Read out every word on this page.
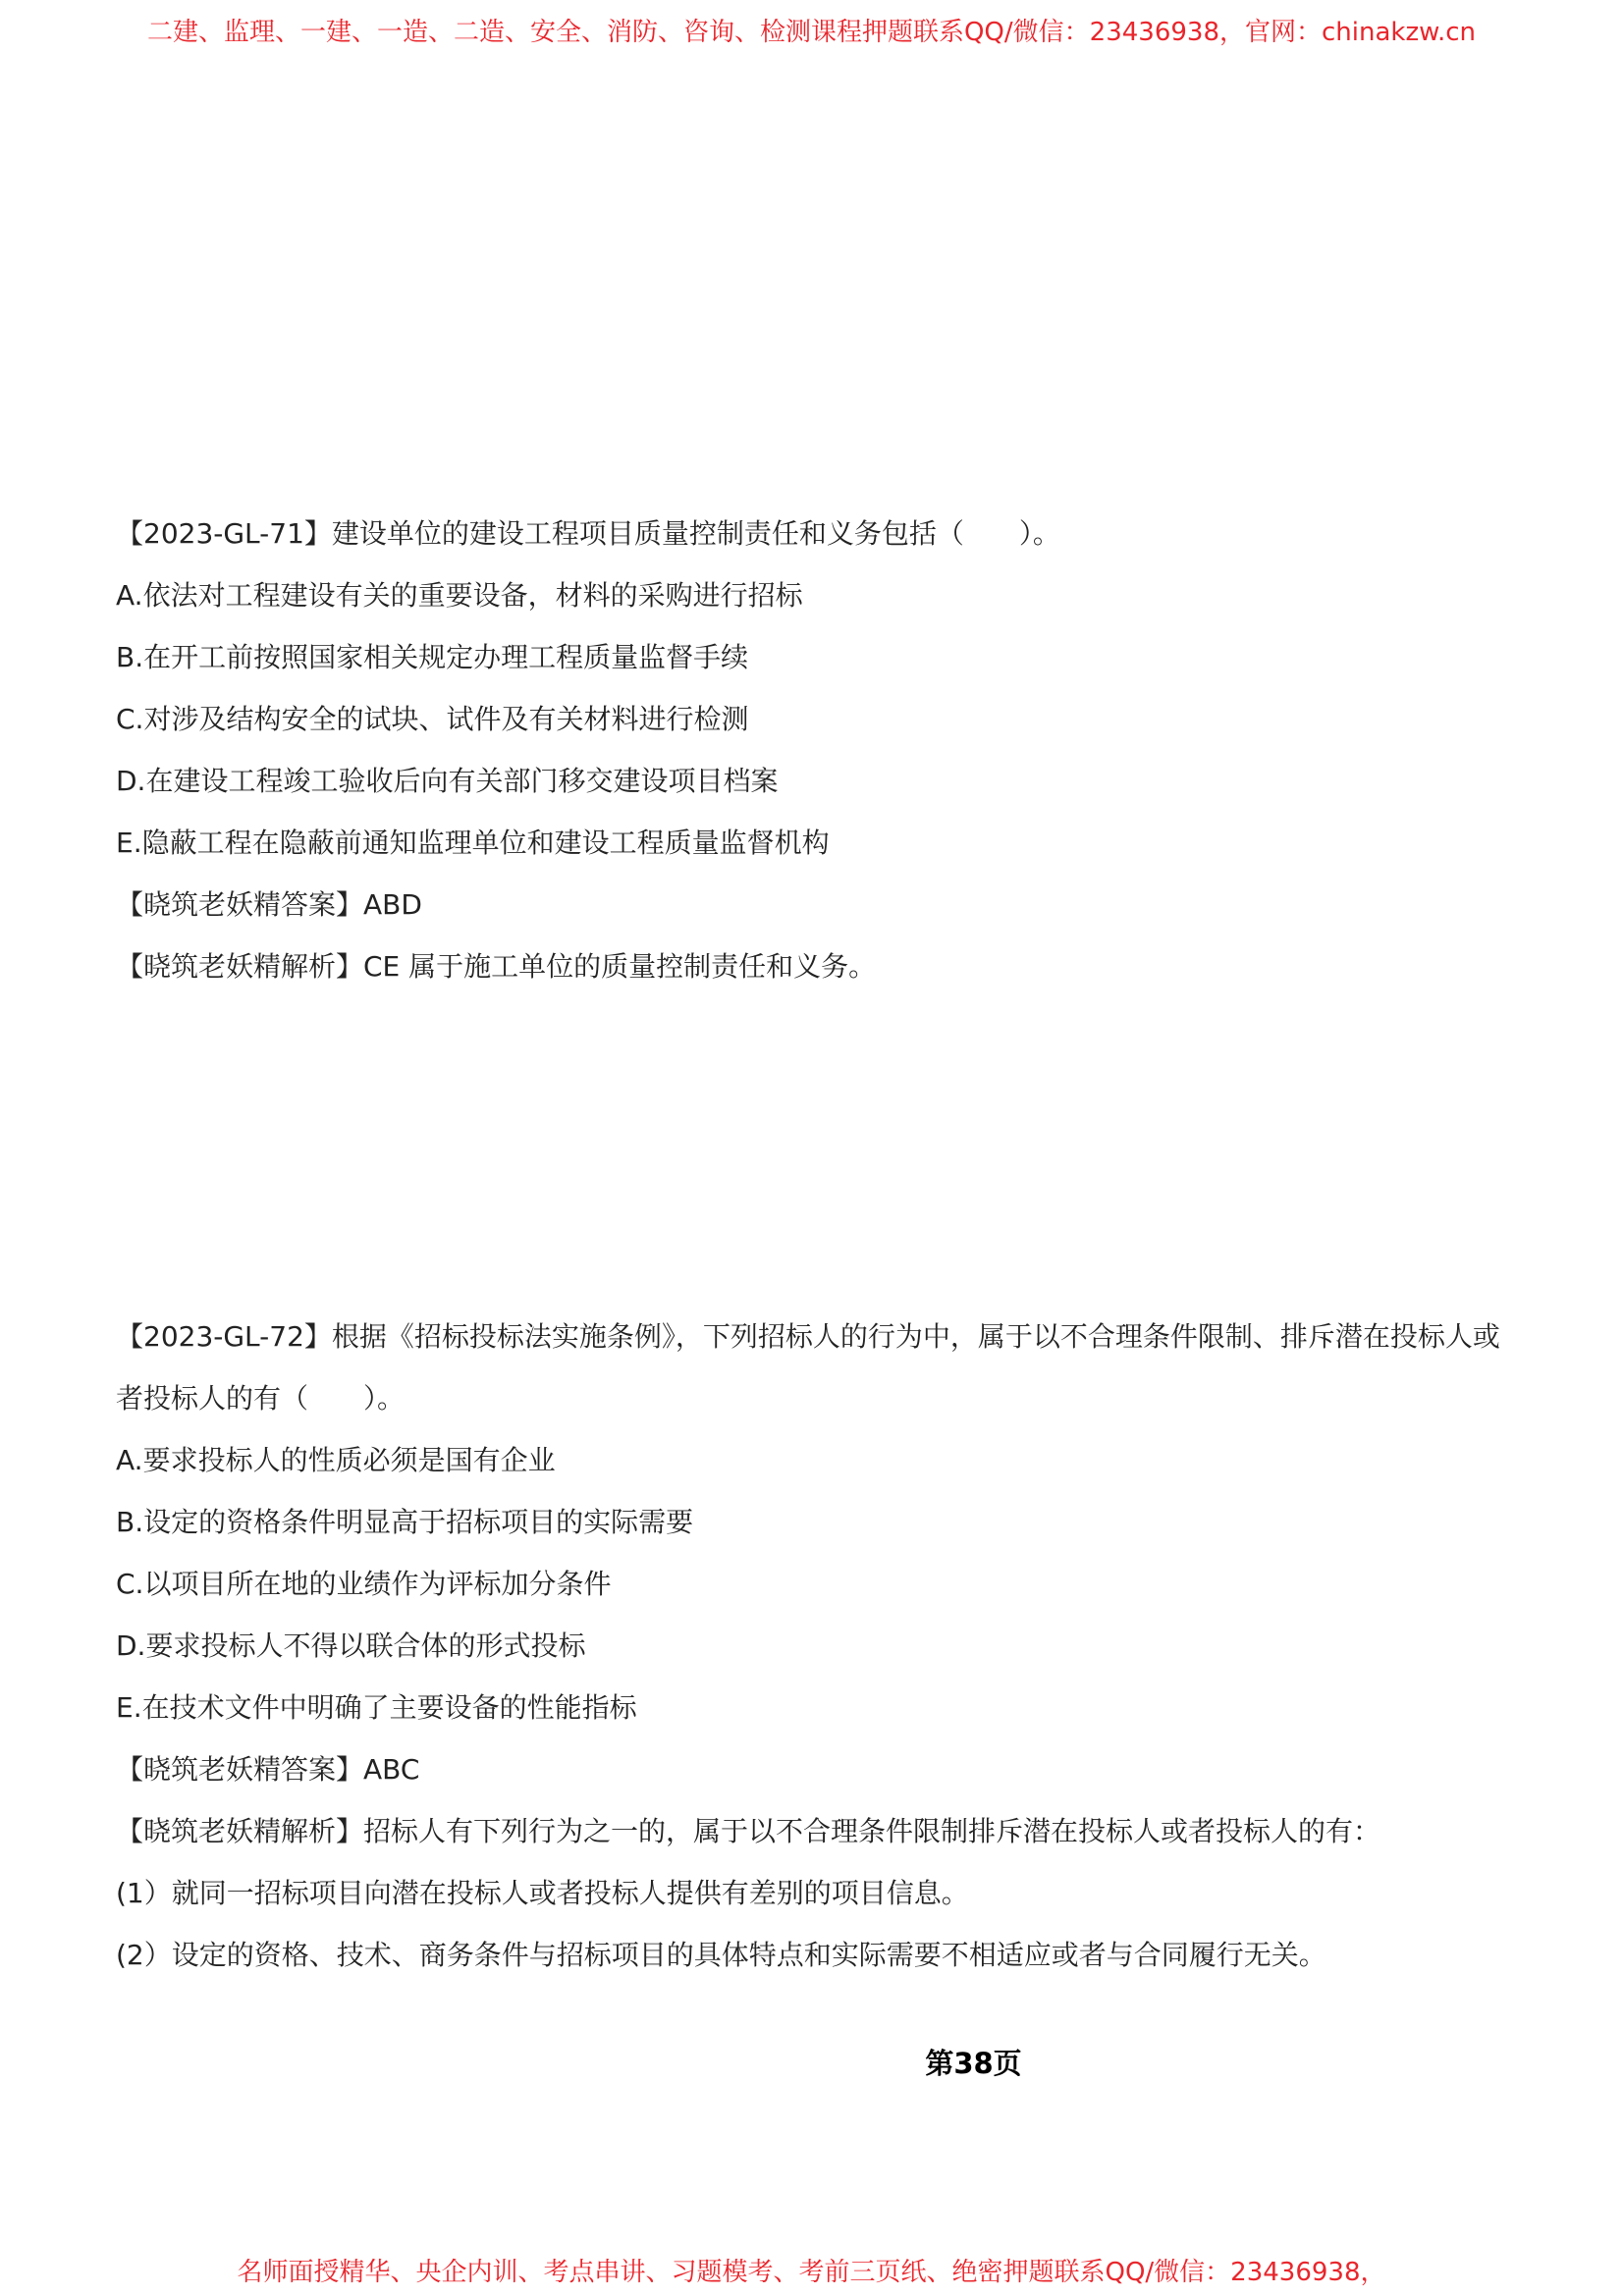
二建、监理、一建、一造、二造、安全、消防、咨询、检测课程押题联系QQ/微信：23436938，官网：chinakzw.cn
【2023-GL-71】建设单位的建设工程项目质量控制责任和义务包括（　　）。
A.依法对工程建设有关的重要设备，材料的采购进行招标
B.在开工前按照国家相关规定办理工程质量监督手续
C.对涉及结构安全的试块、试件及有关材料进行检测
D.在建设工程竣工验收后向有关部门移交建设项目档案
E.隐蔽工程在隐蔽前通知监理单位和建设工程质量监督机构
【晓筑老妖精答案】ABD
【晓筑老妖精解析】CE 属于施工单位的质量控制责任和义务。
【2023-GL-72】根据《招标投标法实施条例》，下列招标人的行为中，属于以不合理条件限制、排斥潜在投标人或者投标人的有（　　）。
A.要求投标人的性质必须是国有企业
B.设定的资格条件明显高于招标项目的实际需要
C.以项目所在地的业绩作为评标加分条件
D.要求投标人不得以联合体的形式投标
E.在技术文件中明确了主要设备的性能指标
【晓筑老妖精答案】ABC
【晓筑老妖精解析】招标人有下列行为之一的，属于以不合理条件限制排斥潜在投标人或者投标人的有：
(1）就同一招标项目向潜在投标人或者投标人提供有差别的项目信息。
(2）设定的资格、技术、商务条件与招标项目的具体特点和实际需要不相适应或者与合同履行无关。
第38页
名师面授精华、央企内训、考点串讲、习题模考、考前三页纸、绝密押题联系QQ/微信：23436938，
